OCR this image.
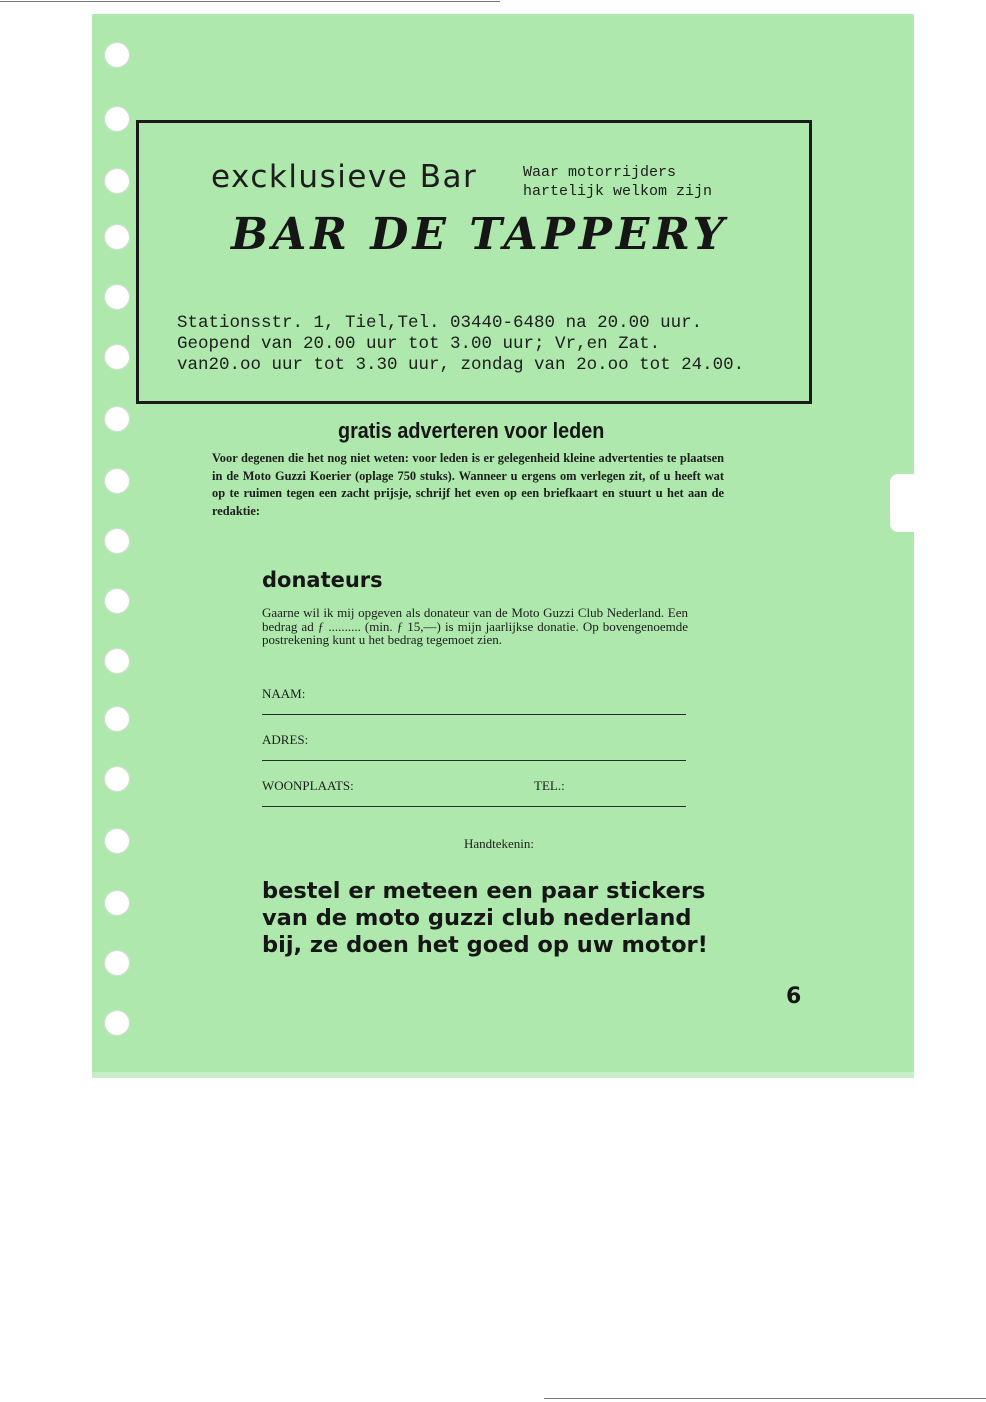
excklusieve Bar	Waar motorrijders
hartelijk welkom zijn
BAR DE TAPPERY
Stationsstr. 1, Tiel,Tel. 03440-6480 na 20.00 uur.
Geopend van 20.00 uur tot 3.00 uur; Vr,en Zat.
van20.oo uur tot 3.30 uur, zondag van 2o.oo tot 24.00.
gratis adverteren voor leden
Voor degenen die het nog niet weten: voor leden is er gelegenheid kleine advertenties te plaatsen in de Moto Guzzi Koerier (oplage 750 stuks). Wanneer u ergens om verlegen zit, of u heeft wat op te ruimen tegen een zacht prijsje, schrijf het even op een briefkaart en stuurt u het aan de redaktie:
donateurs
Gaarne wil ik mij opgeven als donateur van de Moto Guzzi Club Nederland. Een bedrag ad ƒ .......... (min. ƒ 15,—) is mijn jaarlijkse donatie. Op bovengenoemde postrekening kunt u het bedrag tegemoet zien.
NAAM:
ADRES:
WOONPLAATS:	TEL.:
Handtekenin:
bestel er meteen een paar stickers
van de moto guzzi club nederland
bij, ze doen het goed op uw motor!
6
